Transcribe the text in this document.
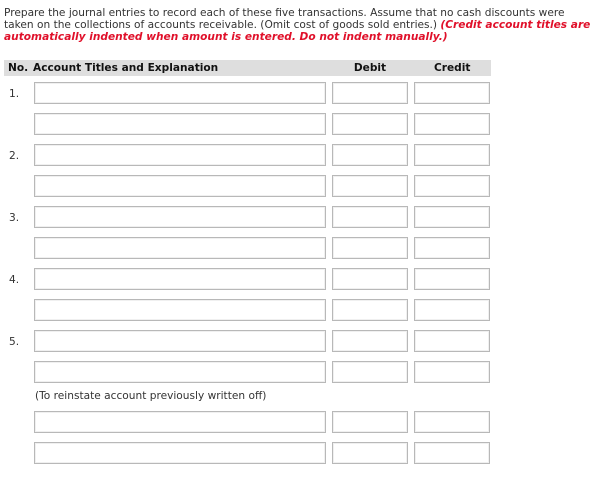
Prepare the journal entries to record each of these five transactions. Assume that no cash discounts were taken on the collections of accounts receivable. (Omit cost of goods sold entries.) (Credit account titles are automatically indented when amount is entered. Do not indent manually.)
No. Account Titles and Explanation	Debit	Credit
1.
2.
3.
4.
5.
(To reinstate account previously written off)
